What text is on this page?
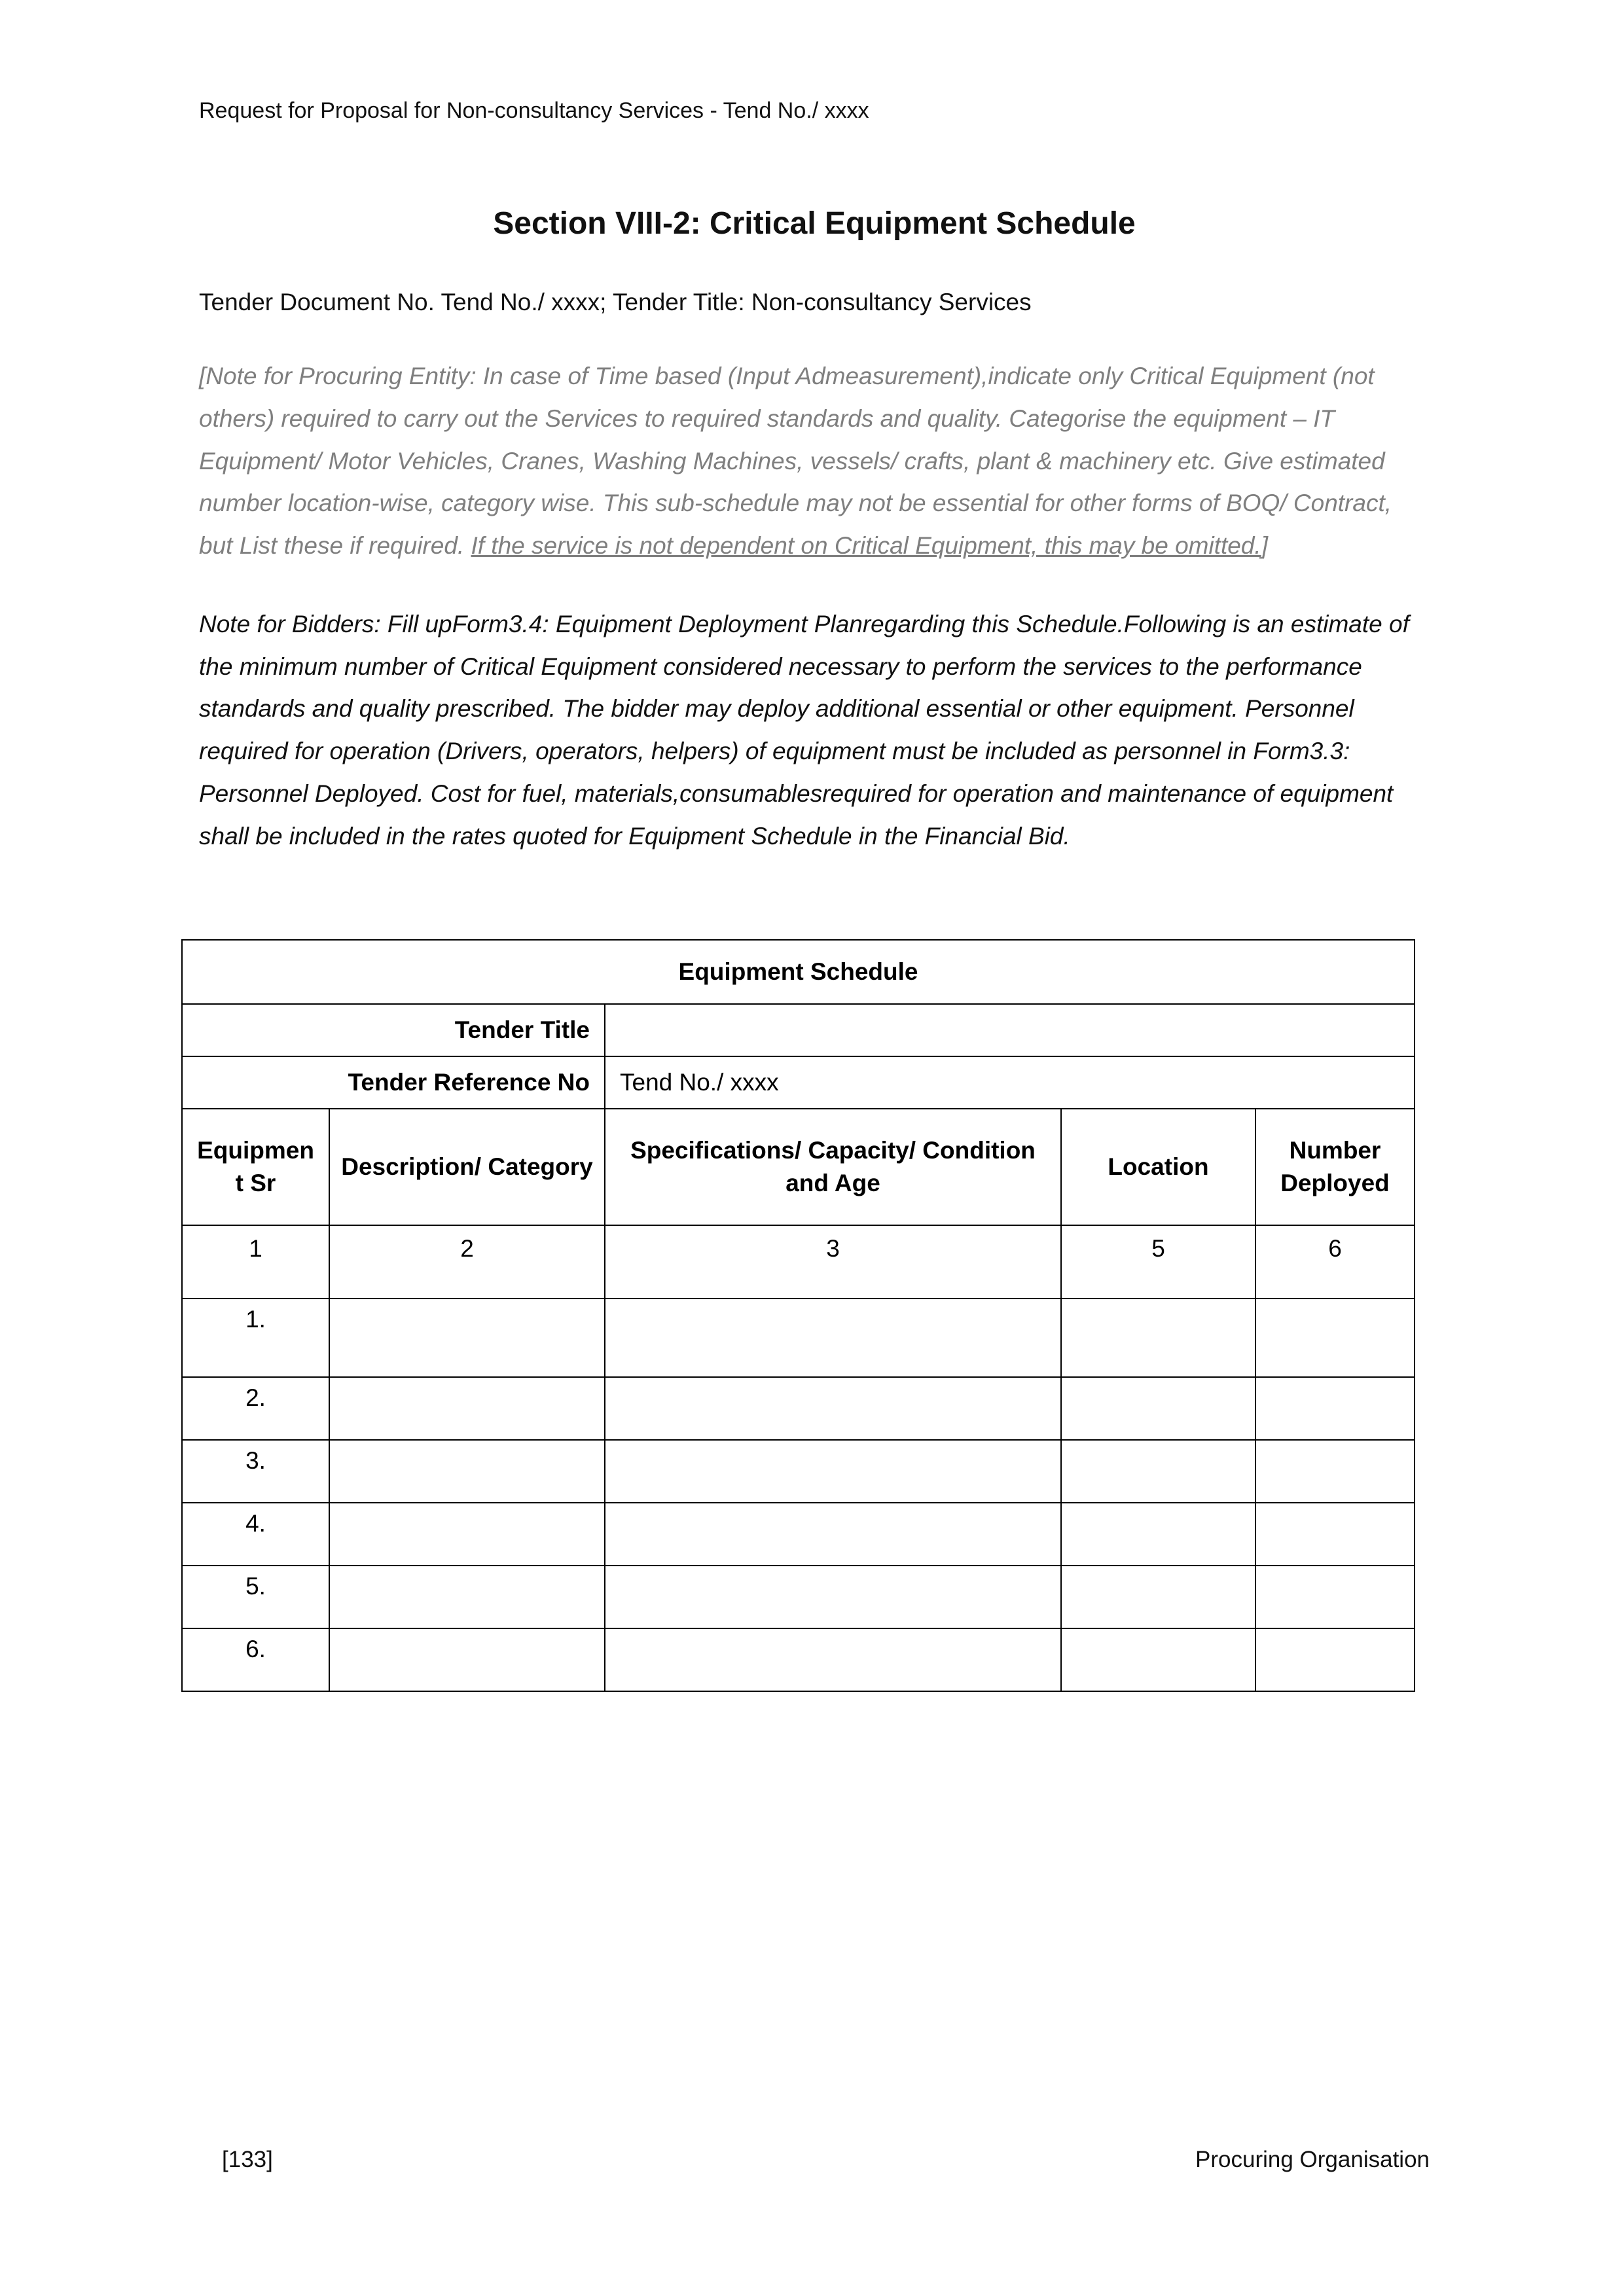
Request for Proposal for Non-consultancy Services - Tend No./ xxxx
Section VIII-2: Critical Equipment Schedule

Tender Document No. Tend No./ xxxx; Tender Title: Non-consultancy Services

[Note for Procuring Entity: In case of Time based (Input Admeasurement),indicate only Critical Equipment (not others) required to carry out the Services to required standards and quality. Categorise the equipment – IT Equipment/ Motor Vehicles, Cranes, Washing Machines, vessels/ crafts, plant & machinery etc. Give estimated number location-wise, category wise. This sub-schedule may not be essential for other forms of BOQ/ Contract, but List these if required. If the service is not dependent on Critical Equipment, this may be omitted.]

Note for Bidders: Fill upForm3.4: Equipment Deployment Planregarding this Schedule.Following is an estimate of the minimum number of Critical Equipment considered necessary to perform the services to the performance standards and quality prescribed. The bidder may deploy additional essential or other equipment. Personnel required for operation (Drivers, operators, helpers) of equipment must be included as personnel in Form3.3: Personnel Deployed. Cost for fuel, materials,consumablesrequired for operation and maintenance of equipment shall be included in the rates quoted for Equipment Schedule in the Financial Bid.

Equipment Schedule				
Tender Title				
Tender Reference No		Tend No./ xxxx		
Equipment Sr	Description/ Category	Specifications/ Capacity/ Condition and Age	Location	Number Deployed
1	2	3	5	6
1.				
2.				
3.				
4.				
5.				
6.				
[133]	Procuring Organisation
